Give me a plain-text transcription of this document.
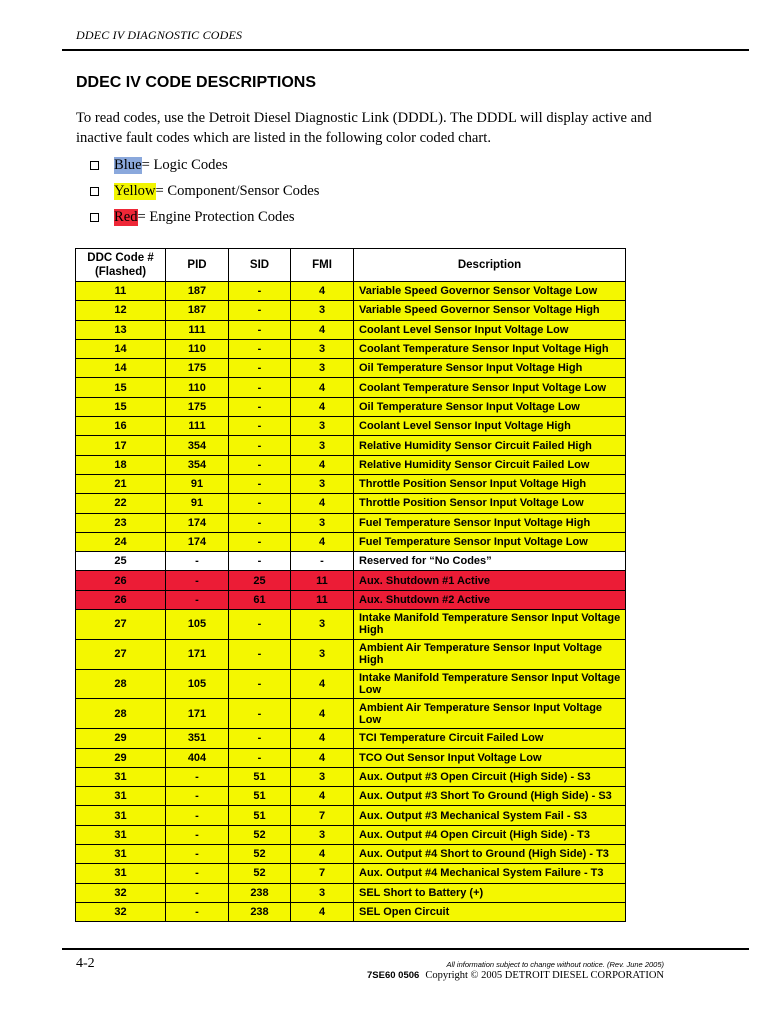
DDEC IV DIAGNOSTIC CODES
DDEC IV CODE DESCRIPTIONS
To read codes, use the Detroit Diesel Diagnostic Link (DDDL). The DDDL will display active and inactive fault codes which are listed in the following color coded chart.
Blue = Logic Codes
Yellow = Component/Sensor Codes
Red = Engine Protection Codes
DDC Code #
(Flashed)	PID	SID	FMI	Description
11	187	-	4	Variable Speed Governor Sensor Voltage Low
12	187	-	3	Variable Speed Governor Sensor Voltage High
13	111	-	4	Coolant Level Sensor Input Voltage Low
14	110	-	3	Coolant Temperature Sensor Input Voltage High
14	175	-	3	Oil Temperature Sensor Input Voltage High
15	110	-	4	Coolant Temperature Sensor Input Voltage Low
15	175	-	4	Oil Temperature Sensor Input Voltage Low
16	111	-	3	Coolant Level Sensor Input Voltage High
17	354	-	3	Relative Humidity Sensor Circuit Failed High
18	354	-	4	Relative Humidity Sensor Circuit Failed Low
21	91	-	3	Throttle Position Sensor Input Voltage High
22	91	-	4	Throttle Position Sensor Input Voltage Low
23	174	-	3	Fuel Temperature Sensor Input Voltage High
24	174	-	4	Fuel Temperature Sensor Input Voltage Low
25	-	-	-	Reserved for “No Codes”
26	-	25	11	Aux. Shutdown #1 Active
26	-	61	11	Aux. Shutdown #2 Active
27	105	-	3	Intake Manifold Temperature Sensor Input Voltage High
27	171	-	3	Ambient Air Temperature Sensor Input Voltage High
28	105	-	4	Intake Manifold Temperature Sensor Input Voltage Low
28	171	-	4	Ambient Air Temperature Sensor Input Voltage Low
29	351	-	4	TCI Temperature Circuit Failed Low
29	404	-	4	TCO Out Sensor Input Voltage Low
31	-	51	3	Aux. Output #3 Open Circuit (High Side) - S3
31	-	51	4	Aux. Output #3 Short To Ground (High Side) - S3
31	-	51	7	Aux. Output #3 Mechanical System Fail - S3
31	-	52	3	Aux. Output #4 Open Circuit (High Side) - T3
31	-	52	4	Aux. Output #4 Short to Ground (High Side) - T3
31	-	52	7	Aux. Output #4 Mechanical System Failure - T3
32	-	238	3	SEL Short to Battery (+)
32	-	238	4	SEL Open Circuit
4-2	All information subject to change without notice. (Rev. June 2005)
7SE60 0506 Copyright © 2005 DETROIT DIESEL CORPORATION
